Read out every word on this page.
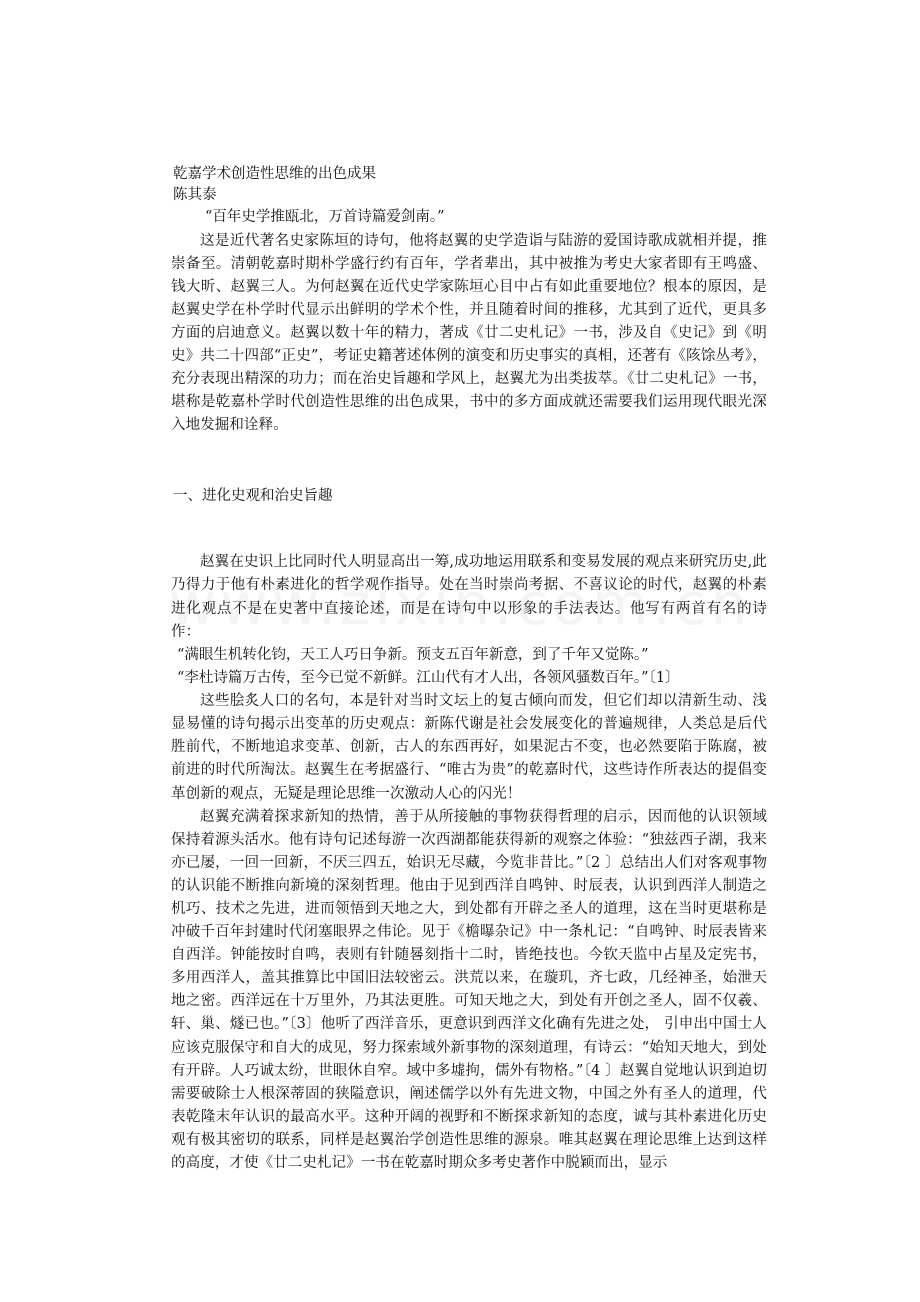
乾嘉学术创造性思维的出色成果

陈其泰

“百年史学推瓯北，万首诗篇爱剑南。”

这是近代著名史家陈垣的诗句，他将赵翼的史学造诣与陆游的爱国诗歌成就相并提，推崇备至。清朝乾嘉时期朴学盛行约有百年，学者辈出，其中被推为考史大家者即有王鸣盛、钱大昕、赵翼三人。为何赵翼在近代史学家陈垣心目中占有如此重要地位？根本的原因，是赵翼史学在朴学时代显示出鲜明的学术个性，并且随着时间的推移，尤其到了近代，更具多方面的启迪意义。赵翼以数十年的精力，著成《廿二史札记》一书，涉及自《史记》到《明史》共二十四部“正史”，考证史籍著述体例的演变和历史事实的真相，还著有《陔馀丛考》，充分表现出精深的功力；而在治史旨趣和学风上，赵翼尤为出类拔萃。《廿二史札记》一书，堪称是乾嘉朴学时代创造性思维的出色成果，书中的多方面成就还需要我们运用现代眼光深入地发掘和诠释。

一、进化史观和治史旨趣

赵翼在史识上比同时代人明显高出一筹,成功地运用联系和变易发展的观点来研究历史,此乃得力于他有朴素进化的哲学观作指导。处在当时崇尚考据、不喜议论的时代，赵翼的朴素进化观点不是在史著中直接论述，而是在诗句中以形象的手法表达。他写有两首有名的诗作：

“满眼生机转化钧，天工人巧日争新。预支五百年新意，到了千年又觉陈。”

“李杜诗篇万古传，至今已觉不新鲜。江山代有才人出，各领风骚数百年。”〔1〕

这些脍炙人口的名句，本是针对当时文坛上的复古倾向而发，但它们却以清新生动、浅显易懂的诗句揭示出变革的历史观点：新陈代谢是社会发展变化的普遍规律，人类总是后代胜前代，不断地追求变革、创新，古人的东西再好，如果泥古不变，也必然要陷于陈腐，被前进的时代所淘汰。赵翼生在考据盛行、“唯古为贵”的乾嘉时代，这些诗作所表达的提倡变革创新的观点，无疑是理论思维一次激动人心的闪光！

赵翼充满着探求新知的热情，善于从所接触的事物获得哲理的启示，因而他的认识领域保持着源头活水。他有诗句记述每游一次西湖都能获得新的观察之体验：“独兹西子湖，我来亦已屡，一回一回新，不厌三四五，始识无尽藏，今览非昔比。”〔2 〕总结出人们对客观事物的认识能不断推向新境的深刻哲理。他由于见到西洋自鸣钟、时辰表，认识到西洋人制造之机巧、技术之先进，进而领悟到天地之大，到处都有开辟之圣人的道理，这在当时更堪称是冲破千百年封建时代闭塞眼界之伟论。见于《檐曝杂记》中一条札记：“自鸣钟、时辰表皆来自西洋。钟能按时自鸣，表则有针随晷刻指十二时，皆绝技也。今钦天监中占星及定宪书，多用西洋人，盖其推算比中国旧法较密云。洪荒以来，在璇玑，齐七政，几经神圣，始泄天地之密。西洋远在十万里外，乃其法更胜。可知天地之大，到处有开创之圣人，固不仅羲、轩、巢、燧已也。”〔3〕他听了西洋音乐，更意识到西洋文化确有先进之处， 引申出中国士人应该克服保守和自大的成见，努力探索域外新事物的深刻道理，有诗云：“始知天地大，到处有开辟。人巧诚太纷，世眼休自窄。域中多墟拘，儒外有物格。”〔4 〕赵翼自觉地认识到迫切需要破除士人根深蒂固的狭隘意识，阐述儒学以外有先进文物，中国之外有圣人的道理，代表乾隆末年认识的最高水平。这种开阔的视野和不断探求新知的态度，诚与其朴素进化历史观有极其密切的联系，同样是赵翼治学创造性思维的源泉。唯其赵翼在理论思维上达到这样的高度，才使《廿二史札记》一书在乾嘉时期众多考史著作中脱颖而出，显示
